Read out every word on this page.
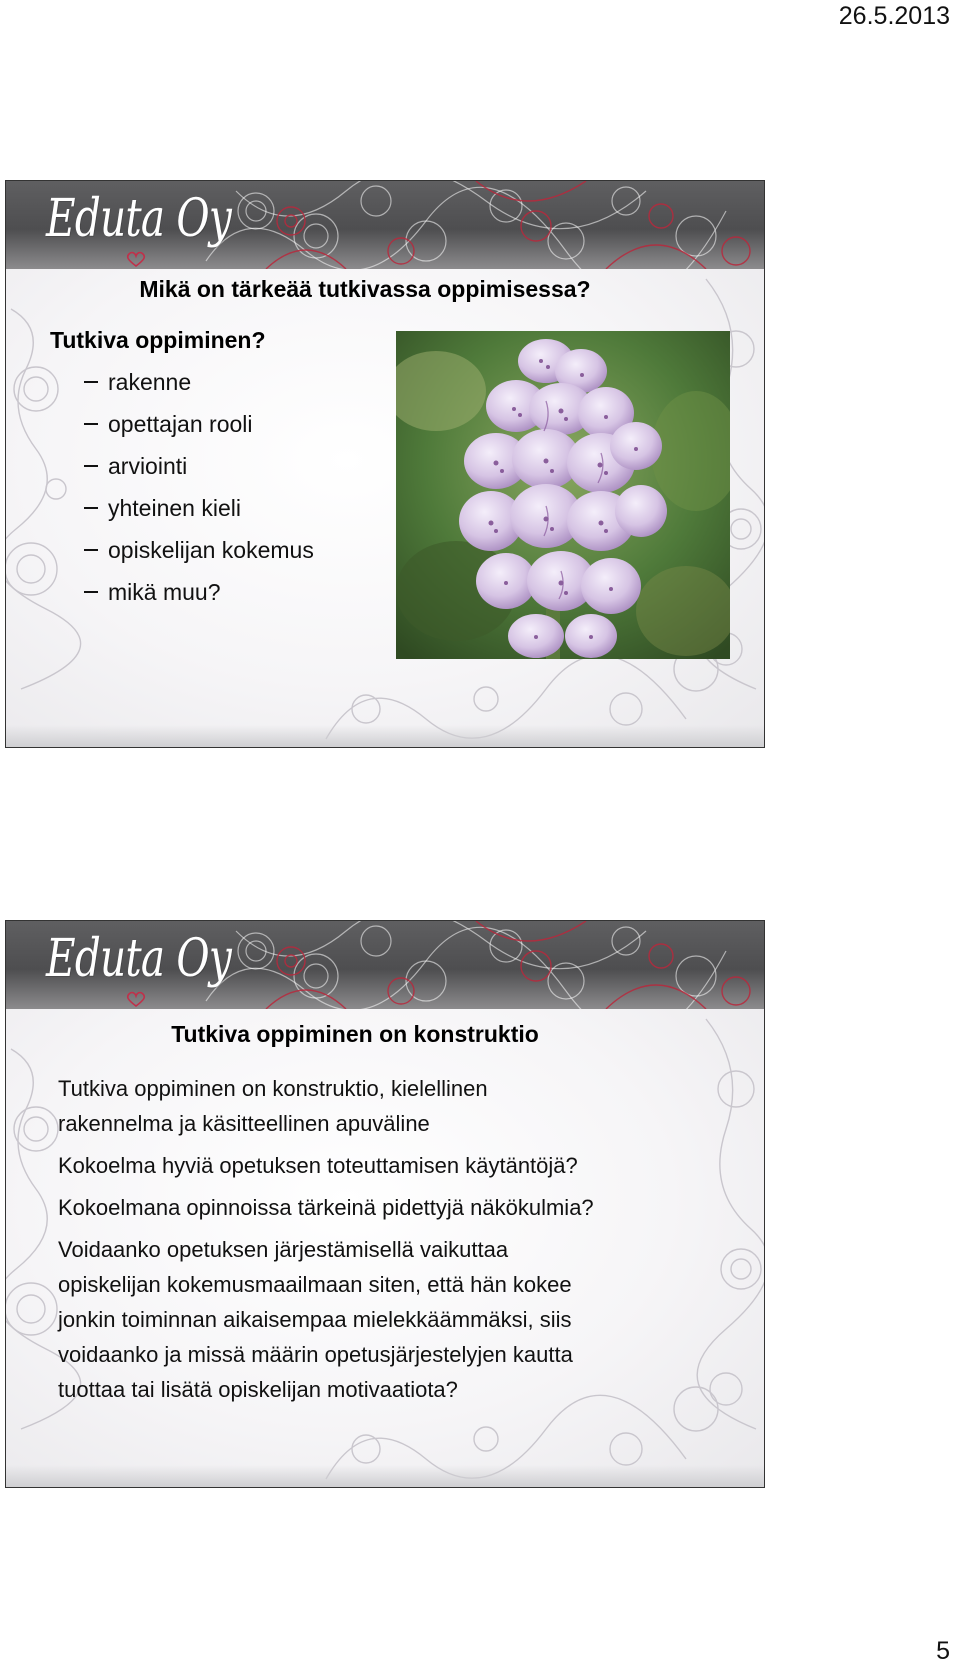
26.5.2013
Eduta Oy
Mikä on tärkeää tutkivassa oppimisessa?
Tutkiva oppiminen?
rakenne
opettajan rooli
arviointi
yhteinen kieli
opiskelijan kokemus
mikä muu?
Eduta Oy
Tutkiva oppiminen on konstruktio

Tutkiva oppiminen on konstruktio, kielellinen
rakennelma ja käsitteellinen apuväline

Kokoelma hyviä opetuksen toteuttamisen käytäntöjä?

Kokoelmana opinnoissa tärkeinä pidettyjä näkökulmia?

Voidaanko opetuksen järjestämisellä vaikuttaa
opiskelijan kokemusmaailmaan siten, että hän kokee
jonkin toiminnan aikaisempaa mielekkäämmäksi, siis
voidaanko ja missä määrin opetusjärjestelyjen kautta
tuottaa tai lisätä opiskelijan motivaatiota?

5
